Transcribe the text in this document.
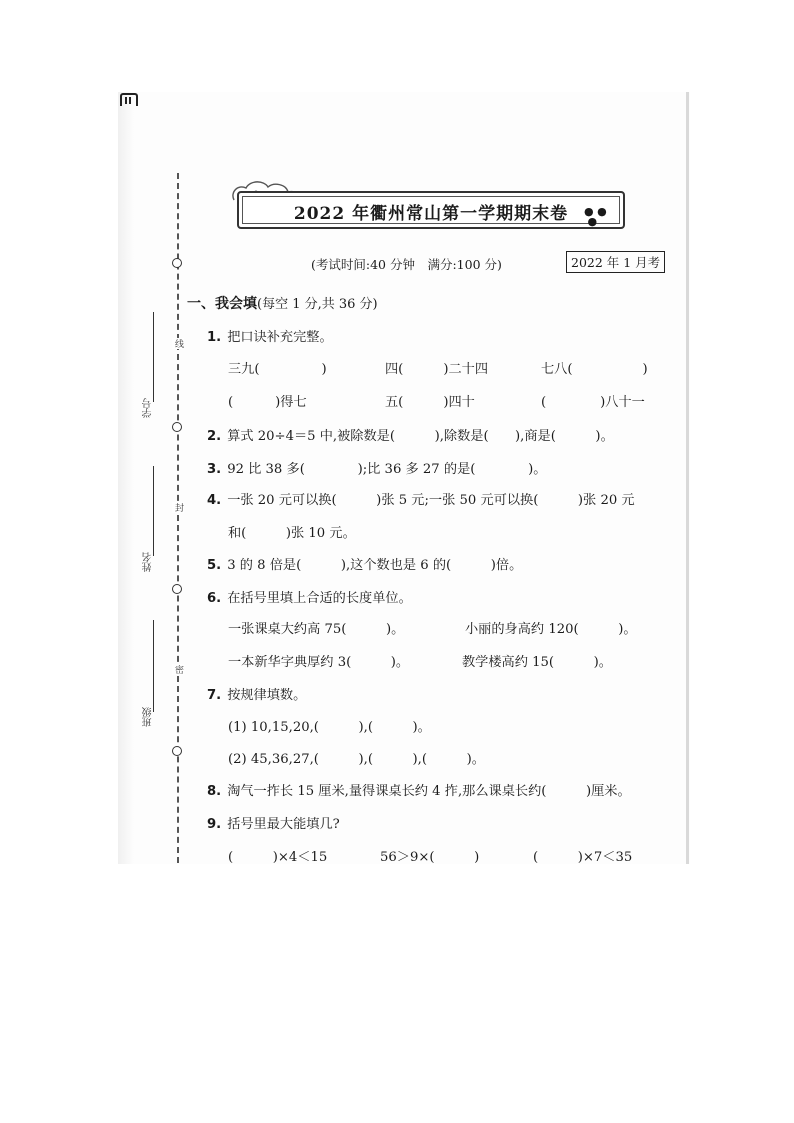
线
封
密
学号
姓名
班级
2022 年衢州常山第一学期期末卷	● ●
●
(考试时间:40 分钟　满分:100 分)	2022 年 1 月考
一、我会填(每空 1 分,共 36 分)
1. 把口诀补充完整。
三九(	)	四(	)二十四	七八(	)
(	)得七	五(	)四十	(	)八十一
2. 算式 20÷4＝5 中,被除数是(　　　),除数是(　　),商是(　　　)。
3. 92 比 38 多(　　　　);比 36 多 27 的是(　　　　)。
4. 一张 20 元可以换(　　　)张 5 元;一张 50 元可以换(　　　)张 20 元
和(　　　)张 10 元。
5. 3 的 8 倍是(　　　),这个数也是 6 的(　　　)倍。
6. 在括号里填上合适的长度单位。
一张课桌大约高 75(　　　)。	小丽的身高约 120(　　　)。
一本新华字典厚约 3(　　　)。	教学楼高约 15(　　　)。
7. 按规律填数。
(1) 10,15,20,(　　　),(　　　)。
(2) 45,36,27,(　　　),(　　　),(　　　)。
8. 淘气一拃长 15 厘米,量得课桌长约 4 拃,那么课桌长约(　　　)厘米。
9. 括号里最大能填几?
(　　　)×4＜15	56＞9×(　　　)	(　　　)×7＜35
